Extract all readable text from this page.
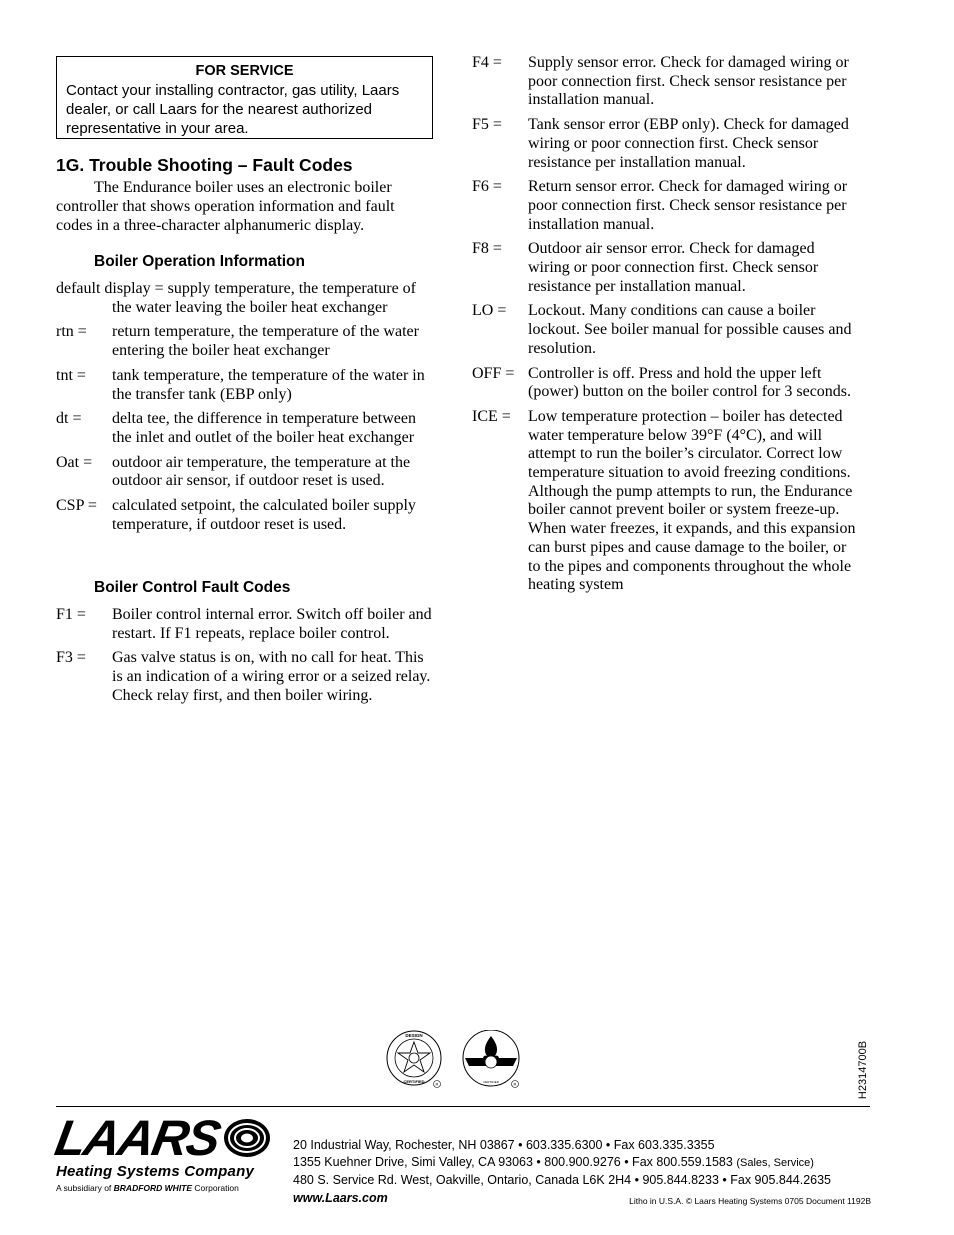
FOR SERVICE
Contact your installing contractor, gas utility, Laars dealer, or call Laars for the nearest authorized representative in your area.
1G. Trouble Shooting – Fault Codes

The Endurance boiler uses an electronic boiler controller that shows operation information and fault codes in a three-character alphanumeric display.

Boiler Operation Information
default display = supply temperature, the temperature of the water leaving the boiler heat exchanger
rtn =	return temperature, the temperature of the water entering the boiler heat exchanger
tnt =	tank temperature, the temperature of the water in the transfer tank (EBP only)
dt =	delta tee, the difference in temperature between the inlet and outlet of the boiler heat exchanger
Oat =	outdoor air temperature, the temperature at the outdoor air sensor, if outdoor reset is used.
CSP = calculated setpoint, the calculated boiler supply temperature, if outdoor reset is used.
Boiler Control Fault Codes
F1 =	Boiler control internal error. Switch off boiler and restart. If F1 repeats, replace boiler control.
F3 =	Gas valve status is on, with no call for heat. This is an indication of a wiring error or a seized relay. Check relay first, and then boiler wiring.
F4 =	Supply sensor error. Check for damaged wiring or poor connection first. Check sensor resistance per installation manual.
F5 =	Tank sensor error (EBP only). Check for damaged wiring or poor connection first. Check sensor resistance per installation manual.
F6 =	Return sensor error. Check for damaged wiring or poor connection first. Check sensor resistance per installation manual.
F8 =	Outdoor air sensor error. Check for damaged wiring or poor connection first. Check sensor resistance per installation manual.
LO =	Lockout. Many conditions can cause a boiler lockout. See boiler manual for possible causes and resolution.
OFF = Controller is off. Press and hold the upper left (power) button on the boiler control for 3 seconds.
ICE =	Low temperature protection – boiler has detected water temperature below 39°F (4°C), and will attempt to run the boiler’s circulator. Correct low temperature situation to avoid freezing conditions. Although the pump attempts to run, the Endurance boiler cannot prevent boiler or system freeze-up. When water freezes, it expands, and this expansion can burst pipes and cause damage to the boiler, or to the pipes and components throughout the whole heating system
DESIGN
CERTIFIED
R	CERTIFIED	R	H2314700B
LAARS
Heating Systems Company
A subsidiary of BRADFORD WHITE Corporation
20 Industrial Way, Rochester, NH 03867 • 603.335.6300 • Fax 603.335.3355
1355 Kuehner Drive, Simi Valley, CA 93063 • 800.900.9276 • Fax 800.559.1583 (Sales, Service)
480 S. Service Rd. West, Oakville, Ontario, Canada L6K 2H4 • 905.844.8233 • Fax 905.844.2635
www.Laars.com	Litho in U.S.A. © Laars Heating Systems 0705 Document 1192B
